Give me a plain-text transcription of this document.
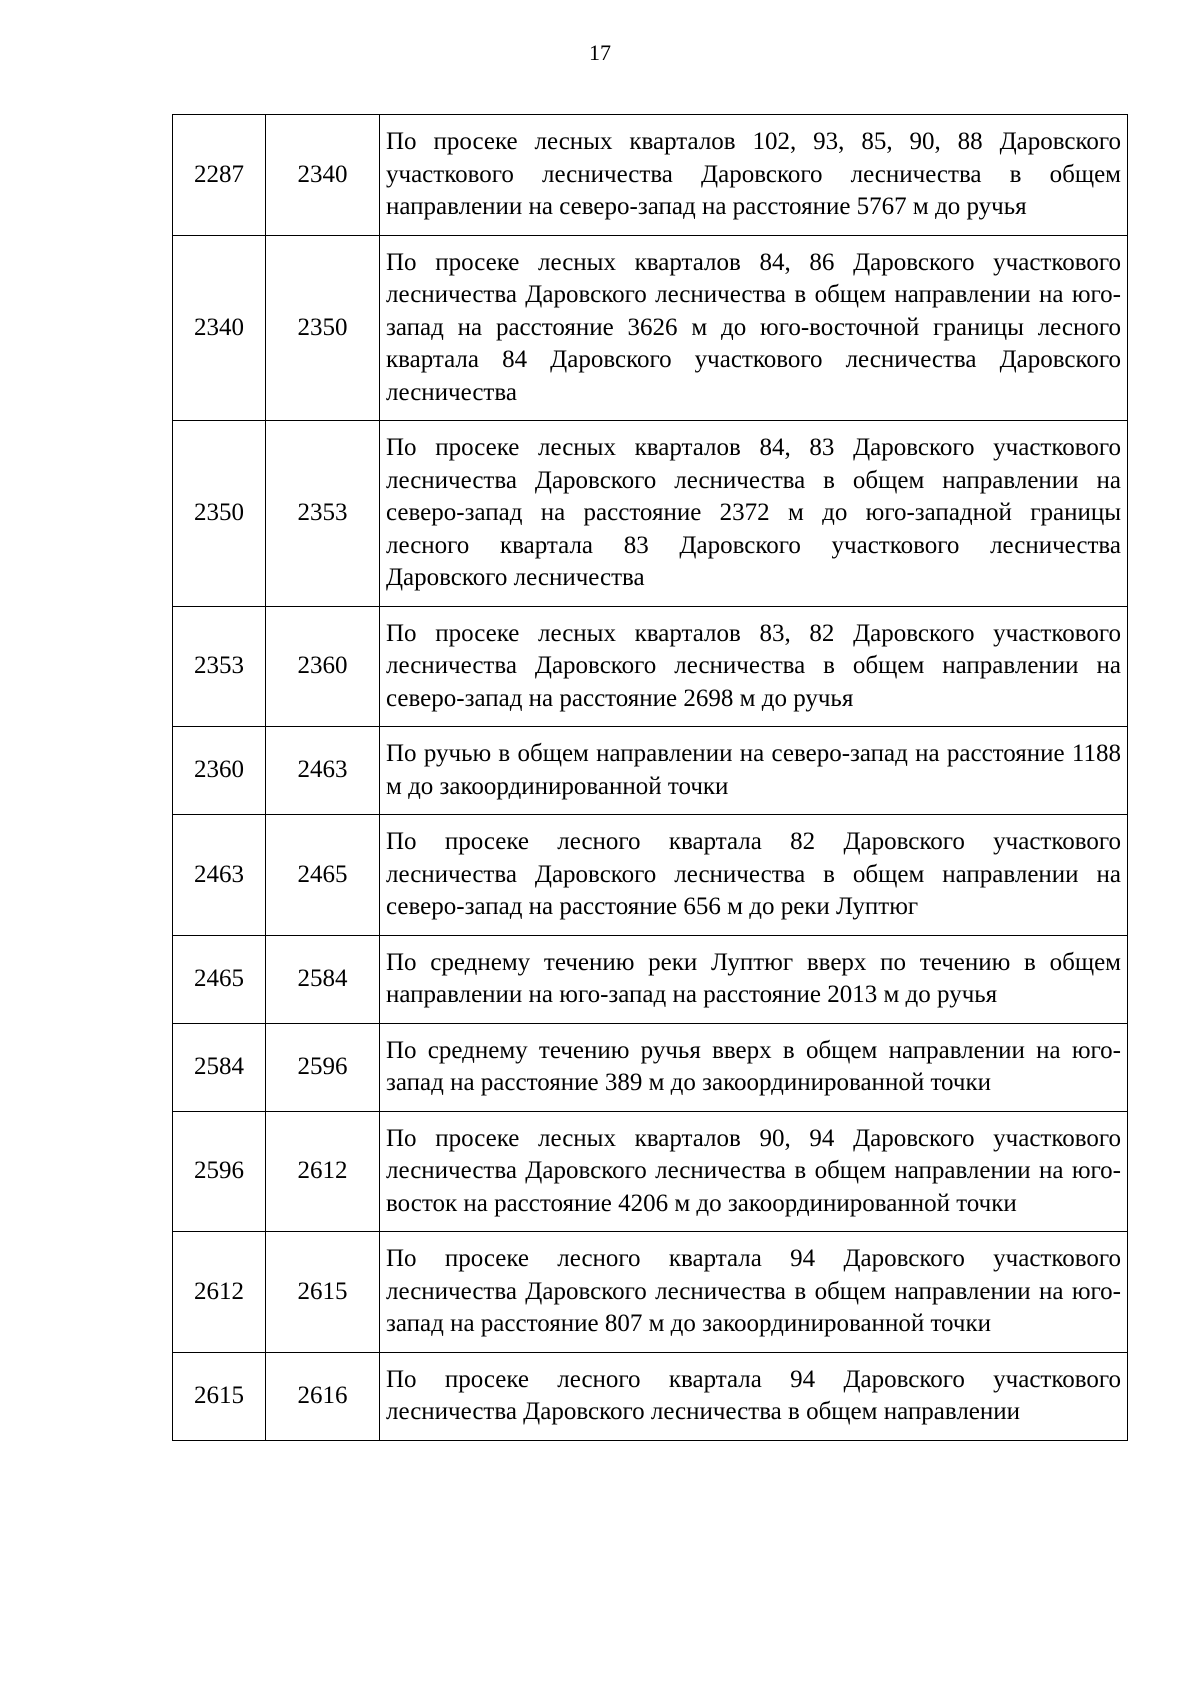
17
2287	2340	По просеке лесных кварталов 102, 93, 85, 90, 88 Даровского участкового лесничества Даровского лесничества в общем направлении на северо-запад на расстояние 5767 м до ручья
2340	2350	По просеке лесных кварталов 84, 86 Даровского участкового лесничества Даровского лесничества в общем направлении на юго-запад на расстояние 3626 м до юго-восточной границы лесного квартала 84 Даровского участкового лесничества Даровского лесничества
2350	2353	По просеке лесных кварталов 84, 83 Даровского участкового лесничества Даровского лесничества в общем направлении на северо-запад на расстояние 2372 м до юго-западной границы лесного квартала 83 Даровского участкового лесничества Даровского лесничества
2353	2360	По просеке лесных кварталов 83, 82 Даровского участкового лесничества Даровского лесничества в общем направлении на северо-запад на расстояние 2698 м до ручья
2360	2463	По ручью в общем направлении на северо-запад на расстояние 1188 м до закоординированной точки
2463	2465	По просеке лесного квартала 82 Даровского участкового лесничества Даровского лесничества в общем направлении на северо-запад на расстояние 656 м до реки Луптюг
2465	2584	По среднему течению реки Луптюг вверх по течению в общем направлении на юго-запад на расстояние 2013 м до ручья
2584	2596	По среднему течению ручья вверх в общем направлении на юго-запад на расстояние 389 м до закоординированной точки
2596	2612	По просеке лесных кварталов 90, 94 Даровского участкового лесничества Даровского лесничества в общем направлении на юго-восток на расстояние 4206 м до закоординированной точки
2612	2615	По просеке лесного квартала 94 Даровского участкового лесничества Даровского лесничества в общем направлении на юго-запад на расстояние 807 м до закоординированной точки
2615	2616	По просеке лесного квартала 94 Даровского участкового лесничества Даровского лесничества в общем направлении
